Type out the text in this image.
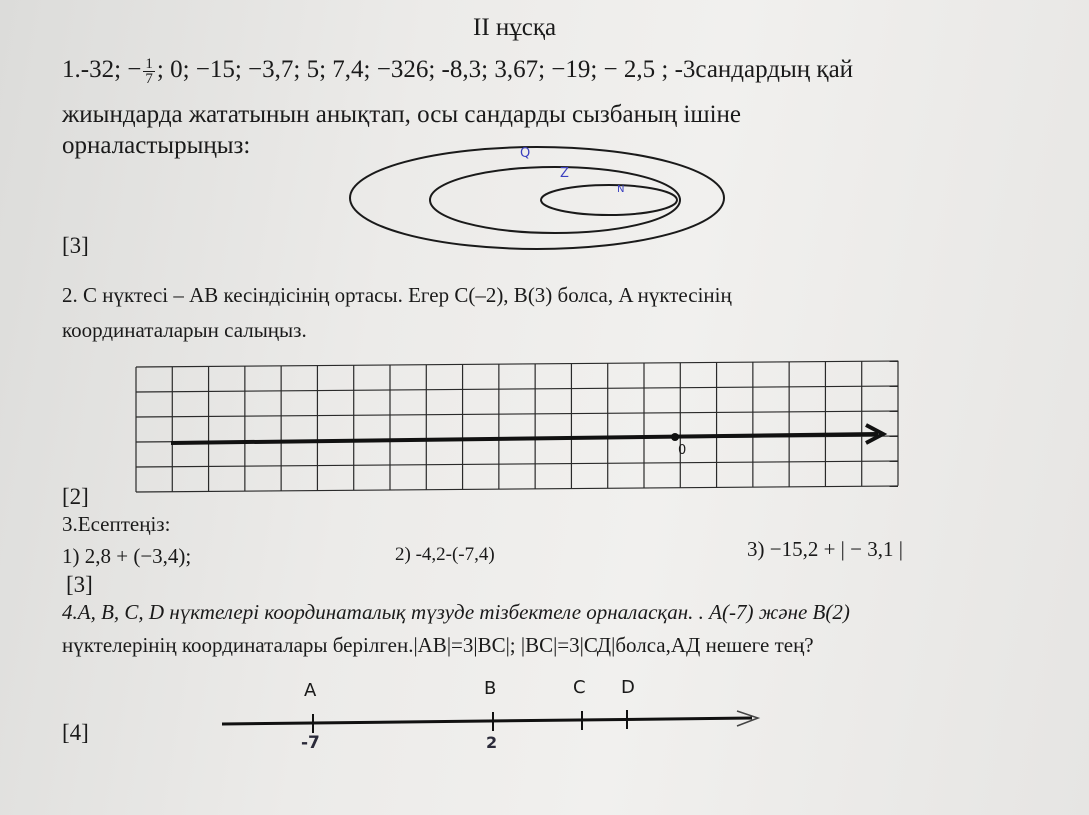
II нұсқа
1.-32; − $\frac{1}{7}$ ; 0; −15; −3,7; 5; 7,4; −326; -8,3; 3,67; −19; − 2,5 ; -3сандардың қай
жиындарда жататынын анықтап, осы сандарды сызбаның ішіне
орналастырыңыз:
[3]
Q
Z
N
2. C нүктесі – AB кесіндісінің ортасы. Егер C(–2), B(3) болса, A нүктесінің
координаталарын салыңыз.
[2]
0
3.Есептеңіз:
1) 2,8 + (−3,4);	2) -4,2-(-7,4)	3) −15,2 + | − 3,1 |
[3]
4.A, B, C, D нүктелері координаталық түзуде тізбектеле орналасқан. . А(-7) және В(2)
нүктелерінің координаталары берілген.|АВ|=3|ВС|; |ВС|=3|СД|болса,АД нешеге тең?
[4]
A	B	C D
-7	2
